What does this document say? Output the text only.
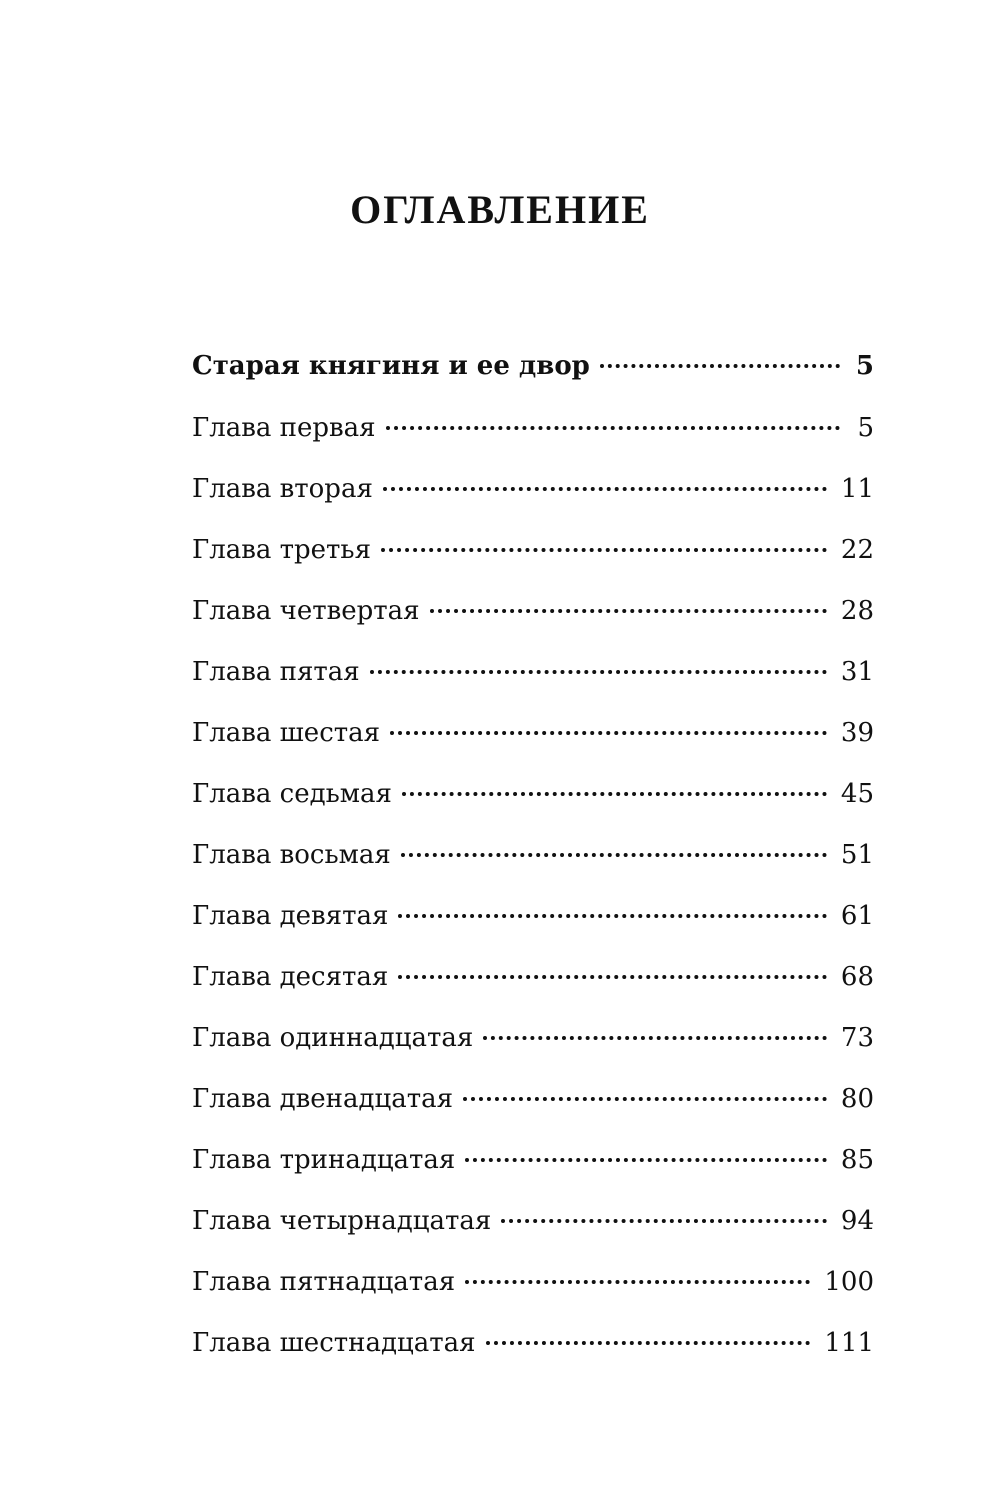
ОГЛАВЛЕНИЕ
Старая княгиня и ее двор	5
Глава первая	5
Глава вторая	11
Глава третья	22
Глава четвертая	28
Глава пятая	31
Глава шестая	39
Глава седьмая	45
Глава восьмая	51
Глава девятая	61
Глава десятая	68
Глава одиннадцатая	73
Глава двенадцатая	80
Глава тринадцатая	85
Глава четырнадцатая	94
Глава пятнадцатая	100
Глава шестнадцатая	111
